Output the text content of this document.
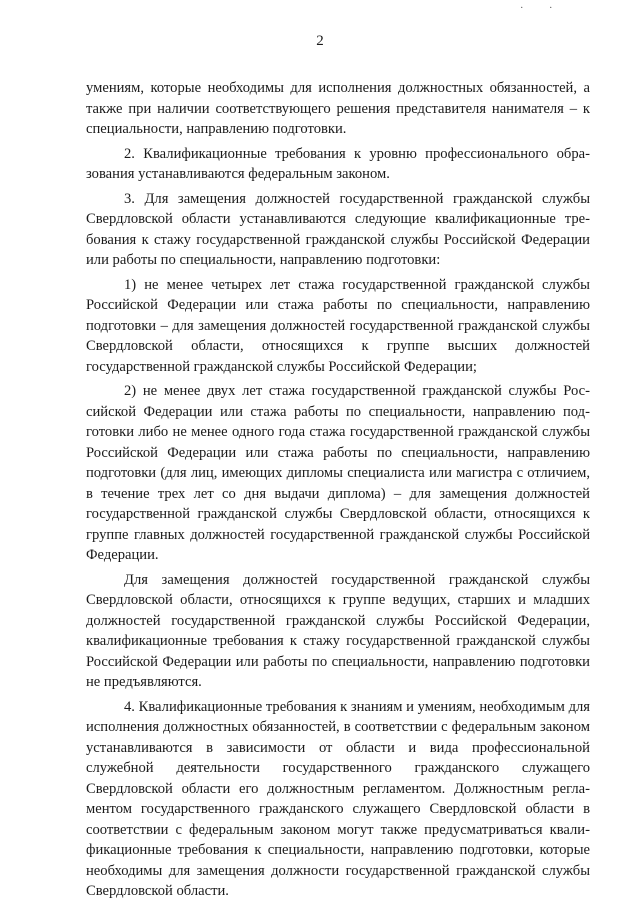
. .
2

умениям, которые необходимы для исполнения должностных обязанностей, а также при наличии соответствующего решения представителя нанимателя – к специальности, направлению подготовки.

2. Квалификационные требования к уровню профессионального образования устанавливаются федеральным законом.

3. Для замещения должностей государственной гражданской службы Свердловской области устанавливаются следующие квалификационные требования к стажу государственной гражданской службы Российской Федерации или работы по специальности, направлению подготовки:

1) не менее четырех лет стажа государственной гражданской службы Российской Федерации или стажа работы по специальности, направлению подготовки – для замещения должностей государственной гражданской службы Свердловской области, относящихся к группе высших должностей государственной гражданской службы Российской Федерации;

2) не менее двух лет стажа государственной гражданской службы Российской Федерации или стажа работы по специальности, направлению подготовки либо не менее одного года стажа государственной гражданской службы Российской Федерации или стажа работы по специальности, направлению подготовки (для лиц, имеющих дипломы специалиста или магистра с отличием, в течение трех лет со дня выдачи диплома) – для замещения должностей государственной гражданской службы Свердловской области, относящихся к группе главных должностей государственной гражданской службы Российской Федерации.

Для замещения должностей государственной гражданской службы Свердловской области, относящихся к группе ведущих, старших и младших должностей государственной гражданской службы Российской Федерации, квалификационные требования к стажу государственной гражданской службы Российской Федерации или работы по специальности, направлению подготовки не предъявляются.

4. Квалификационные требования к знаниям и умениям, необходимым для исполнения должностных обязанностей, в соответствии с федеральным законом устанавливаются в зависимости от области и вида профессиональной служебной деятельности государственного гражданского служащего Свердловской области его должностным регламентом. Должностным регламентом государственного гражданского служащего Свердловской области в соответствии с федеральным законом могут также предусматриваться квалификационные требования к специальности, направлению подготовки, которые необходимы для замещения должности государственной гражданской службы Свердловской области.
